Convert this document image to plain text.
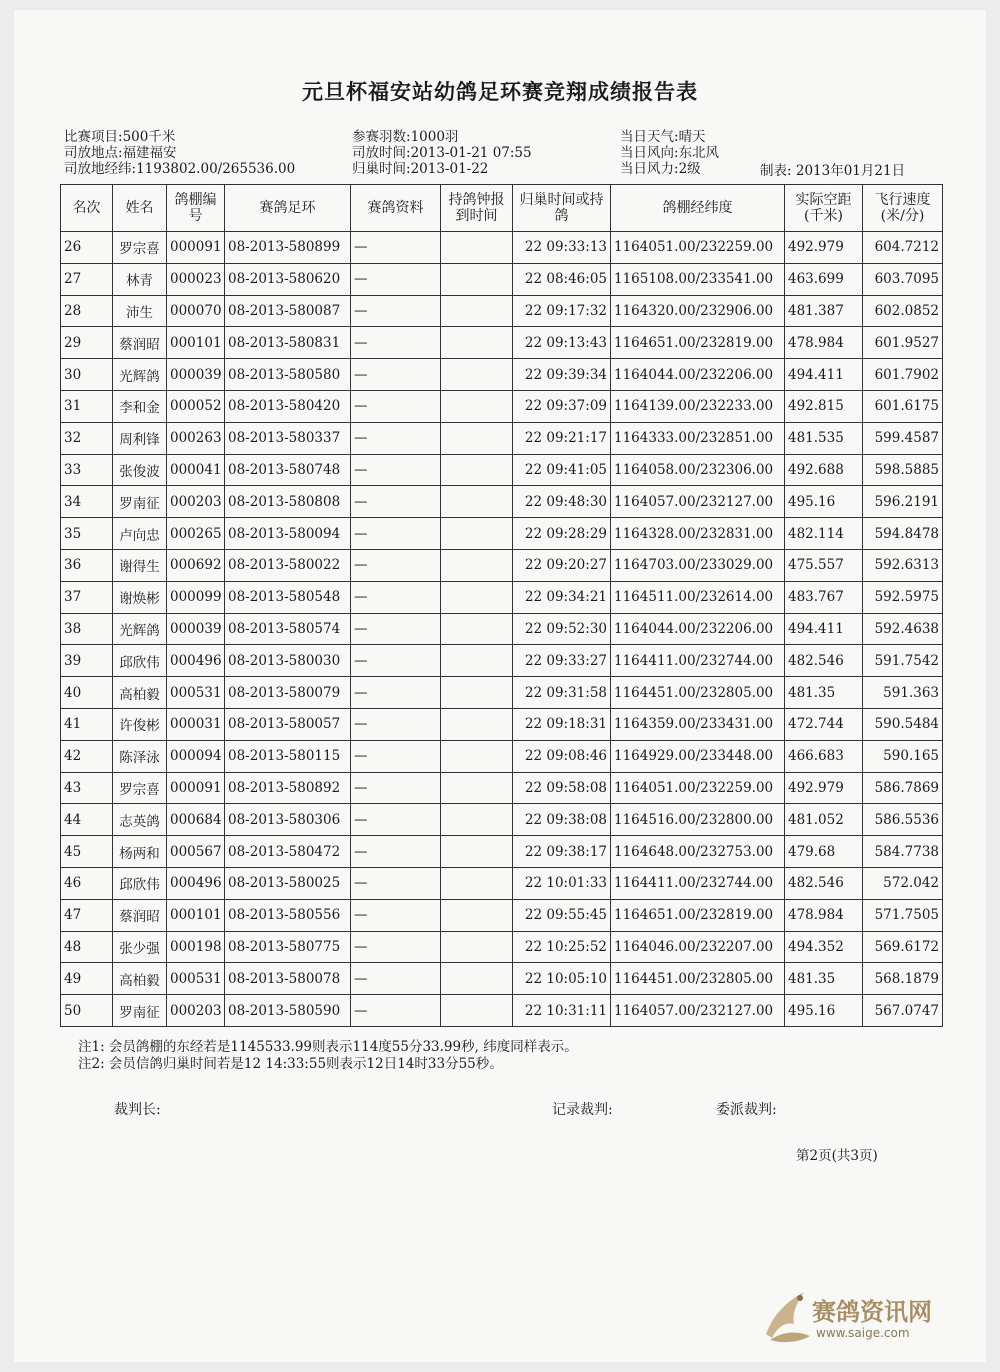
元旦杯福安站幼鸽足环赛竞翔成绩报告表
比赛项目:500千米
司放地点:福建福安
司放地经纬:1193802.00/265536.00
参赛羽数:1000羽
司放时间:2013-01-21 07:55
归巢时间:2013-01-22
当日天气:晴天
当日风向:东北风
当日风力:2级	制表: 2013年01月21日
名次	姓名	鸽棚编号	赛鸽足环	赛鸽资料	持鸽钟报到时间	归巢时间或持鸽	鸽棚经纬度	实际空距(千米)	飞行速度(米/分)
26	罗宗喜	000091	08-2013-580899	—		22 09:33:13	1164051.00/232259.00	492.979	604.7212
27	林青	000023	08-2013-580620	—		22 08:46:05	1165108.00/233541.00	463.699	603.7095
28	沛生	000070	08-2013-580087	—		22 09:17:32	1164320.00/232906.00	481.387	602.0852
29	蔡润昭	000101	08-2013-580831	—		22 09:13:43	1164651.00/232819.00	478.984	601.9527
30	光辉鸽	000039	08-2013-580580	—		22 09:39:34	1164044.00/232206.00	494.411	601.7902
31	李和金	000052	08-2013-580420	—		22 09:37:09	1164139.00/232233.00	492.815	601.6175
32	周利锋	000263	08-2013-580337	—		22 09:21:17	1164333.00/232851.00	481.535	599.4587
33	张俊波	000041	08-2013-580748	—		22 09:41:05	1164058.00/232306.00	492.688	598.5885
34	罗南征	000203	08-2013-580808	—		22 09:48:30	1164057.00/232127.00	495.16	596.2191
35	卢向忠	000265	08-2013-580094	—		22 09:28:29	1164328.00/232831.00	482.114	594.8478
36	谢得生	000692	08-2013-580022	—		22 09:20:27	1164703.00/233029.00	475.557	592.6313
37	谢焕彬	000099	08-2013-580548	—		22 09:34:21	1164511.00/232614.00	483.767	592.5975
38	光辉鸽	000039	08-2013-580574	—		22 09:52:30	1164044.00/232206.00	494.411	592.4638
39	邱欣伟	000496	08-2013-580030	—		22 09:33:27	1164411.00/232744.00	482.546	591.7542
40	高柏毅	000531	08-2013-580079	—		22 09:31:58	1164451.00/232805.00	481.35	591.363
41	许俊彬	000031	08-2013-580057	—		22 09:18:31	1164359.00/233431.00	472.744	590.5484
42	陈泽泳	000094	08-2013-580115	—		22 09:08:46	1164929.00/233448.00	466.683	590.165
43	罗宗喜	000091	08-2013-580892	—		22 09:58:08	1164051.00/232259.00	492.979	586.7869
44	志英鸽	000684	08-2013-580306	—		22 09:38:08	1164516.00/232800.00	481.052	586.5536
45	杨两和	000567	08-2013-580472	—		22 09:38:17	1164648.00/232753.00	479.68	584.7738
46	邱欣伟	000496	08-2013-580025	—		22 10:01:33	1164411.00/232744.00	482.546	572.042
47	蔡润昭	000101	08-2013-580556	—		22 09:55:45	1164651.00/232819.00	478.984	571.7505
48	张少强	000198	08-2013-580775	—		22 10:25:52	1164046.00/232207.00	494.352	569.6172
49	高柏毅	000531	08-2013-580078	—		22 10:05:10	1164451.00/232805.00	481.35	568.1879
50	罗南征	000203	08-2013-580590	—		22 10:31:11	1164057.00/232127.00	495.16	567.0747
注1: 会员鸽棚的东经若是1145533.99则表示114度55分33.99秒, 纬度同样表示。
注2: 会员信鸽归巢时间若是12 14:33:55则表示12日14时33分55秒。
裁判长:	记录裁判:	委派裁判:
第2页(共3页)
赛鸽资讯网
www.saige.com
